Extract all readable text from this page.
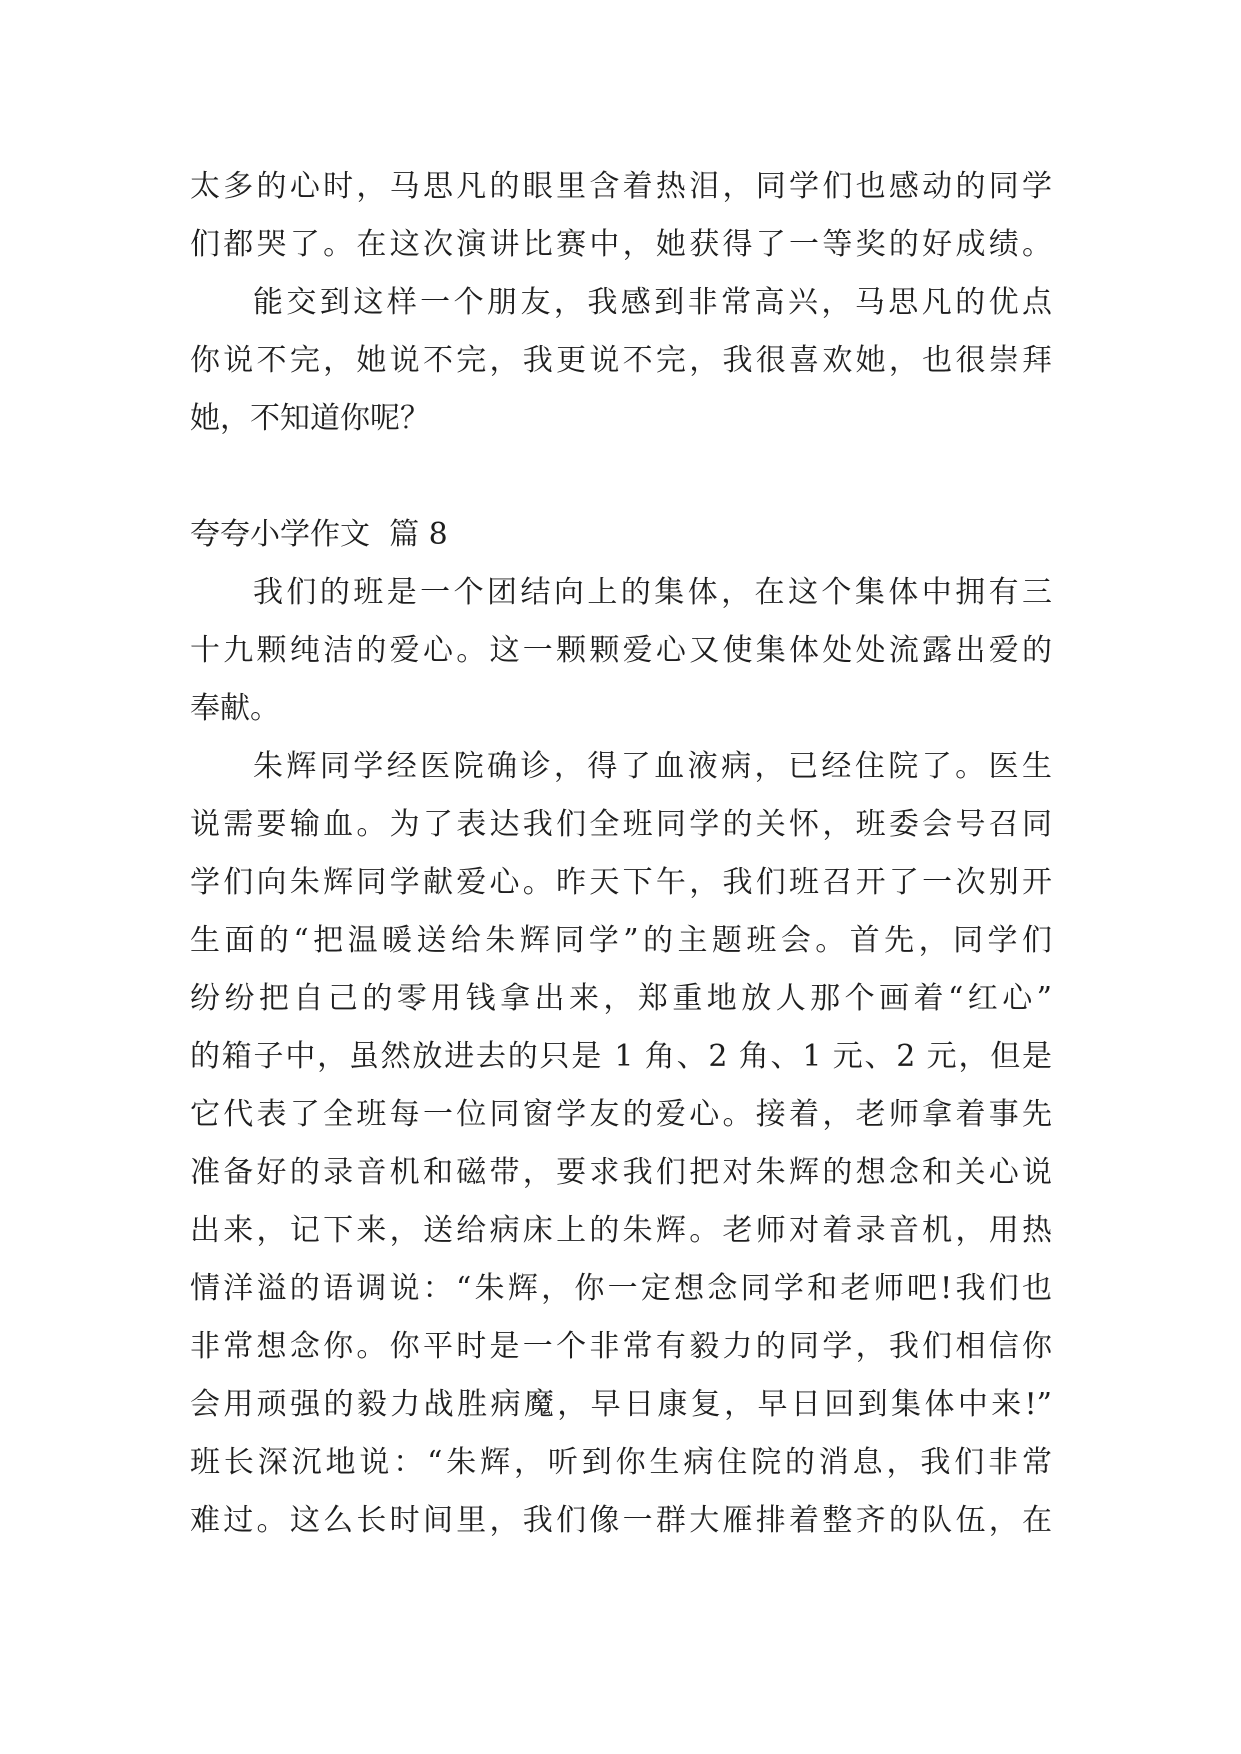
太多的心时，马思凡的眼里含着热泪，同学们也感动的同学
们都哭了。在这次演讲比赛中，她获得了一等奖的好成绩。
能交到这样一个朋友，我感到非常高兴，马思凡的优点
你说不完，她说不完，我更说不完，我很喜欢她，也很崇拜
她，不知道你呢？
夸夸小学作文  篇 8
我们的班是一个团结向上的集体，在这个集体中拥有三
十九颗纯洁的爱心。这一颗颗爱心又使集体处处流露出爱的
奉献。
朱辉同学经医院确诊，得了血液病，已经住院了。医生
说需要输血。为了表达我们全班同学的关怀，班委会号召同
学们向朱辉同学献爱心。昨天下午，我们班召开了一次别开
生面的“把温暖送给朱辉同学”的主题班会。首先，同学们
纷纷把自己的零用钱拿出来，郑重地放人那个画着“红心”
的箱子中，虽然放进去的只是 1 角、2 角、1 元、2 元，但是
它代表了全班每一位同窗学友的爱心。接着，老师拿着事先
准备好的录音机和磁带，要求我们把对朱辉的想念和关心说
出来，记下来，送给病床上的朱辉。老师对着录音机，用热
情洋溢的语调说：“朱辉，你一定想念同学和老师吧!我们也
非常想念你。你平时是一个非常有毅力的同学，我们相信你
会用顽强的毅力战胜病魔，早日康复，早日回到集体中来!”
班长深沉地说：“朱辉，听到你生病住院的消息，我们非常
难过。这么长时间里，我们像一群大雁排着整齐的队伍，在
